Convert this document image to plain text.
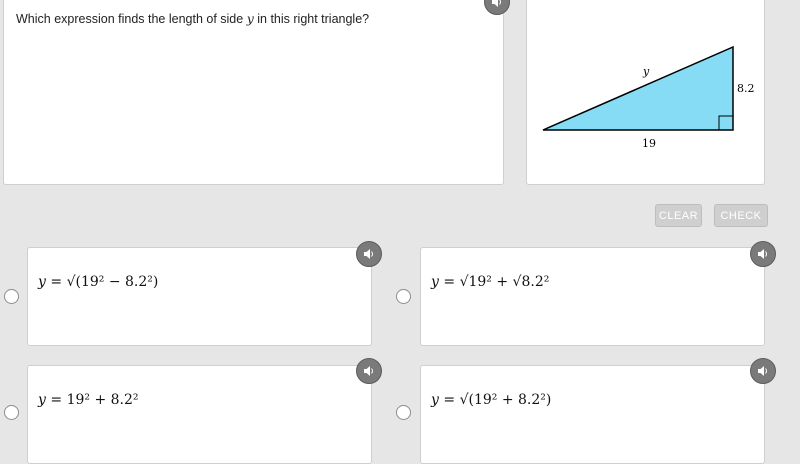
Which expression finds the length of side y in this right triangle?
y
8.2
19
CLEAR	CHECK
y = √(19² − 8.2²)	y = √19² + √8.2²
y = 19² + 8.2²	y = √(19² + 8.2²)
